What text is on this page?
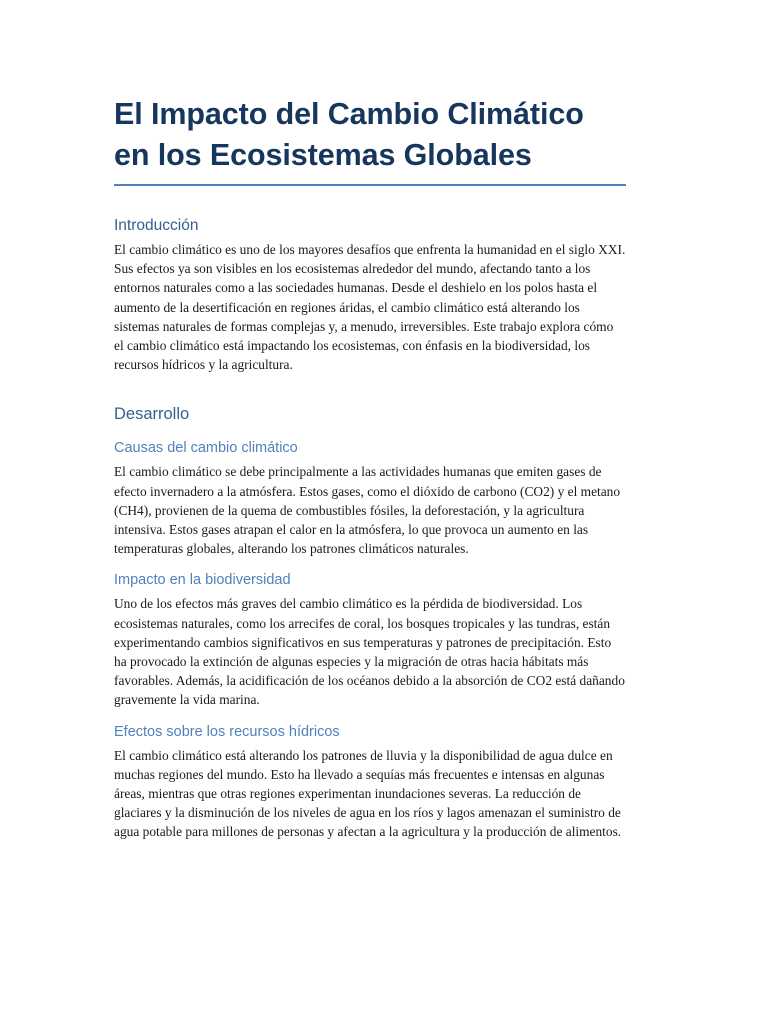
El Impacto del Cambio Climático en los Ecosistemas Globales
Introducción

El cambio climático es uno de los mayores desafíos que enfrenta la humanidad en el siglo XXI. Sus efectos ya son visibles en los ecosistemas alrededor del mundo, afectando tanto a los entornos naturales como a las sociedades humanas. Desde el deshielo en los polos hasta el aumento de la desertificación en regiones áridas, el cambio climático está alterando los sistemas naturales de formas complejas y, a menudo, irreversibles. Este trabajo explora cómo el cambio climático está impactando los ecosistemas, con énfasis en la biodiversidad, los recursos hídricos y la agricultura.

Desarrollo
Causas del cambio climático

El cambio climático se debe principalmente a las actividades humanas que emiten gases de efecto invernadero a la atmósfera. Estos gases, como el dióxido de carbono (CO2) y el metano (CH4), provienen de la quema de combustibles fósiles, la deforestación, y la agricultura intensiva. Estos gases atrapan el calor en la atmósfera, lo que provoca un aumento en las temperaturas globales, alterando los patrones climáticos naturales.

Impacto en la biodiversidad

Uno de los efectos más graves del cambio climático es la pérdida de biodiversidad. Los ecosistemas naturales, como los arrecifes de coral, los bosques tropicales y las tundras, están experimentando cambios significativos en sus temperaturas y patrones de precipitación. Esto ha provocado la extinción de algunas especies y la migración de otras hacia hábitats más favorables. Además, la acidificación de los océanos debido a la absorción de CO2 está dañando gravemente la vida marina.

Efectos sobre los recursos hídricos

El cambio climático está alterando los patrones de lluvia y la disponibilidad de agua dulce en muchas regiones del mundo. Esto ha llevado a sequías más frecuentes e intensas en algunas áreas, mientras que otras regiones experimentan inundaciones severas. La reducción de glaciares y la disminución de los niveles de agua en los ríos y lagos amenazan el suministro de agua potable para millones de personas y afectan a la agricultura y la producción de alimentos.
